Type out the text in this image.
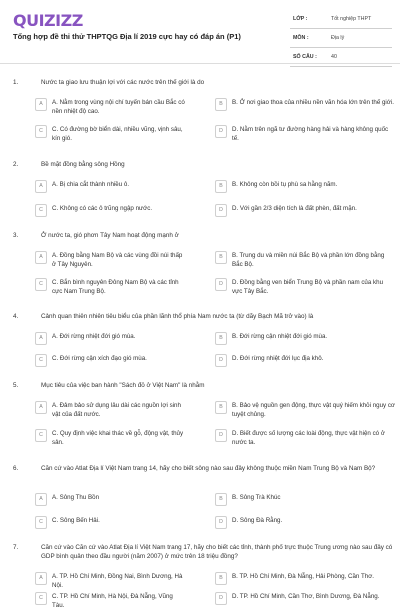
QUIZIZZ
Tổng hợp đề thi thử THPTQG Địa lí 2019 cực hay có đáp án (P1)
LỚP :	Tốt nghiệp THPT
MÔN :	Địa lý
SỐ CÂU :	40
1.	Nước ta giao lưu thuận lợi với các nước trên thế giới là do
A	A. Nằm trong vùng nội chí tuyến bán cầu Bắc có nền nhiệt độ cao.
B	B. Ở nơi giao thoa của nhiều nền văn hóa lớn trên thế giới.
C	C. Có đường bờ biển dài, nhiều vũng, vịnh sâu, kín gió.
D	D. Nằm trên ngã tư đường hàng hải và hàng không quốc tế.
2.	Bề mặt đồng bằng sông Hồng
A	A. Bị chia cắt thành nhiều ô.	B	B. Không còn bồi tụ phù sa hằng năm.
C	C. Không có các ô trũng ngập nước.	D	D. Với gần 2/3 diện tích là đất phèn, đất mặn.
3.	Ở nước ta, gió phơn Tây Nam hoạt động mạnh ở
A	A. Đồng bằng Nam Bộ và các vùng đồi núi thấp ở Tây Nguyên.
B	B. Trung du và miền núi Bắc Bộ và phần lớn đồng bằng Bắc Bộ.
C	C. Bắn bình nguyên Đông Nam Bộ và các tỉnh cực Nam Trung Bộ.
D	D. Đồng bằng ven biển Trung Bộ và phần nam của khu vực Tây Bắc.
4.	Cảnh quan thiên nhiên tiêu biểu của phần lãnh thổ phía Nam nước ta (từ dãy Bạch Mã trở vào) là
A	A. Đới rừng nhiệt đới gió mùa.	B	B. Đới rừng cận nhiệt đới gió mùa.
C	C. Đới rừng cận xích đạo gió mùa.	D	D. Đới rừng nhiệt đới lục địa khô.
5.	Mục tiêu của việc ban hành "Sách đỏ ở Việt Nam" là nhằm
A	A. Đảm bảo sử dụng lâu dài các nguồn lợi sinh vật của đất nước.
B	B. Bảo vệ nguồn gen động, thực vật quý hiếm khỏi nguy cơ tuyệt chủng.
C	C. Quy định việc khai thác về gỗ, động vật, thủy sản.
D	D. Biết được số lượng các loài động, thực vật hiện có ở nước ta.
6.	Căn cứ vào Atlat Địa lí Việt Nam trang 14, hãy cho biết sông nào sau đây không thuộc miền Nam Trung Bộ và Nam Bộ?
A	A. Sông Thu Bồn	B	B. Sông Trà Khúc
C	C. Sông Bến Hải.	D	D. Sông Đà Rằng.
7.	Căn cứ vào Căn cứ vào Atlat Địa lí Việt Nam trang 17, hãy cho biết các tỉnh, thành phố trực thuộc Trung ương nào sau đây có GDP bình quân theo đầu người (năm 2007) ở mức trên 18 triệu đồng?
A	A. TP. Hồ Chí Minh, Đồng Nai, Bình Dương, Hà Nội.
B	B. TP. Hồ Chí Minh, Đà Nẵng, Hải Phòng, Cần Thơ.
C	C. TP. Hồ Chí Minh, Hà Nội, Đà Nẵng, Vũng Tàu.
D	D. TP. Hồ Chí Minh, Cần Thơ, Bình Dương, Đà Nẵng.
